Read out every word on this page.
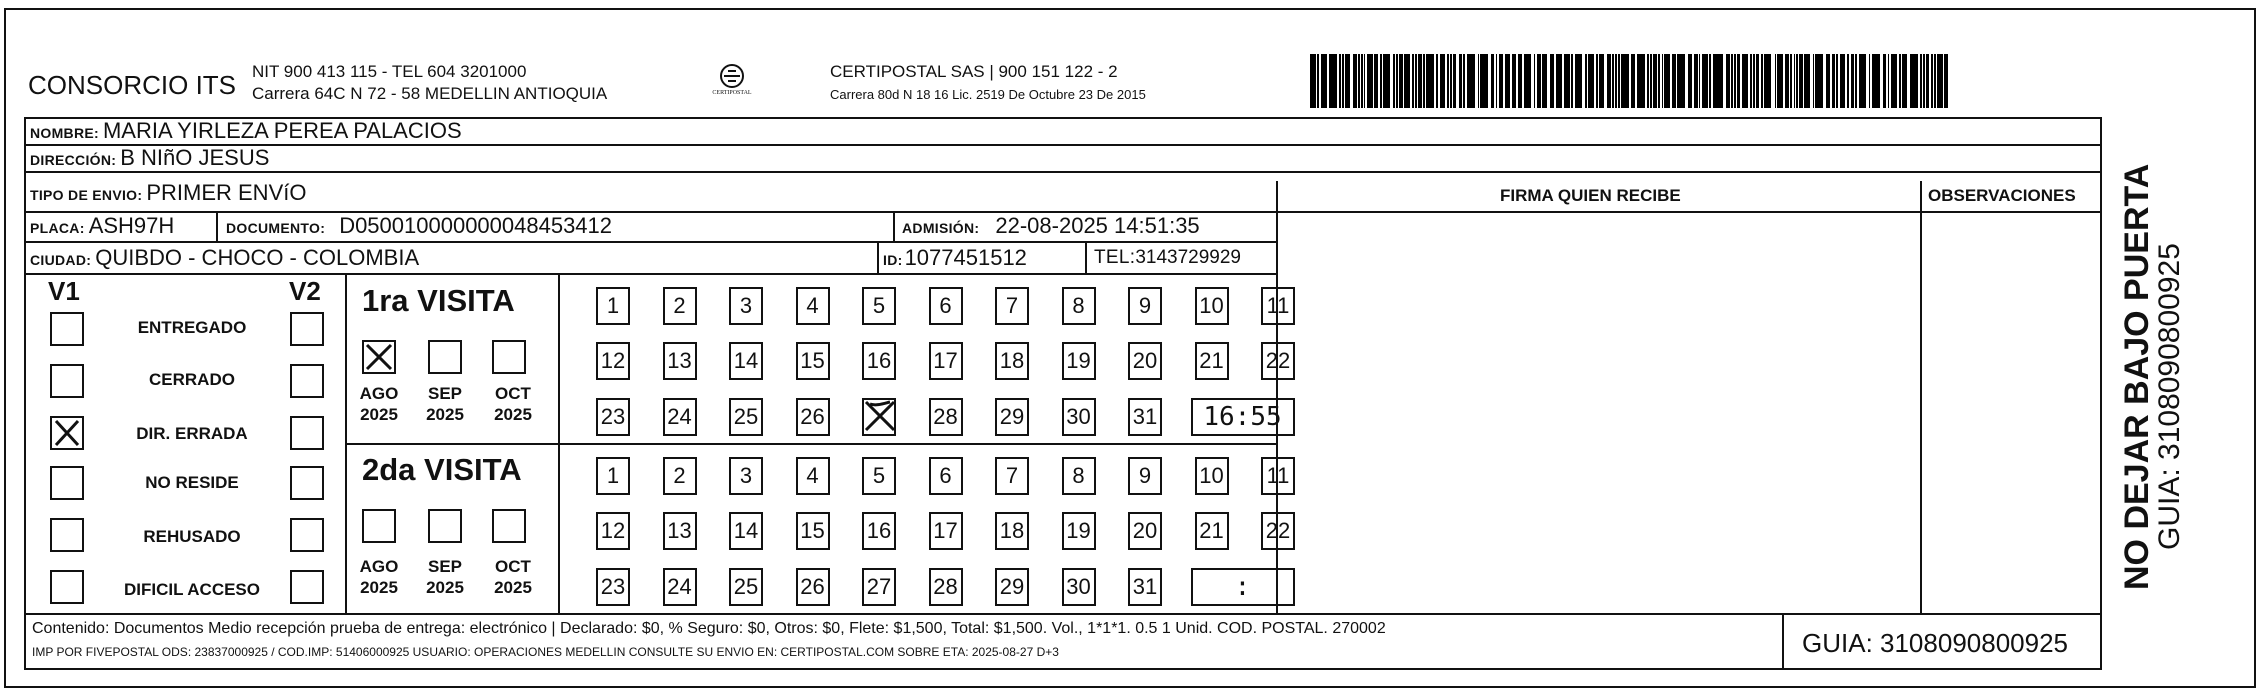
CONSORCIO ITS NIT 900 413 115 - TEL 604 3201000
Carrera 64C N 72 - 58 MEDELLIN ANTIOQUIA	CERTIPOSTAL
CERTIPOSTAL SAS | 900 151 122 - 2
Carrera 80d N 18 16 Lic. 2519 De Octubre 23 De 2015
NOMBRE: MARIA YIRLEZA PEREA PALACIOS
DIRECCIÓN: B NIñO JESUS
TIPO DE ENVIO: PRIMER ENVíO	FIRMA QUIEN RECIBE	OBSERVACIONES
PLACA: ASH97H	DOCUMENTO: D050010000000048453412	ADMISIÓN: 22-08-2025 14:51:35
CIUDAD: QUIBDO - CHOCO - COLOMBIA	ID: 1077451512	TEL: 3143729929
V1	V2
ENTREGADO
CERRADO
DIR. ERRADA
NO RESIDE
REHUSADO
DIFICIL ACCESO
1ra VISITA
AGO
2025
SEP
2025
OCT
2025
1 2 3 4 5 6 7 8 9 10 11
12 13 14 15 16 17 18 19 20 21 22
23 24 25 26	28 29 30 31 16:55
2da VISITA
AGO
2025
SEP
2025
OCT
2025
1 2 3 4 5 6 7 8 9 10 11
12 13 14 15 16 17 18 19 20 21 22
23 24 25 26 27 28 29 30 31	:
Contenido: Documentos Medio recepción prueba de entrega: electrónico | Declarado: $0, % Seguro: $0, Otros: $0, Flete: $1,500, Total: $1,500. Vol., 1*1*1. 0.5 1 Unid. COD. POSTAL. 270002
IMP POR FIVEPOSTAL ODS: 23837000925 / COD.IMP: 51406000925 USUARIO: OPERACIONES MEDELLIN CONSULTE SU ENVIO EN: CERTIPOSTAL.COM SOBRE ETA: 2025-08-27 D+3	GUIA: 3108090800925
NO DEJAR BAJO PUERTA
GUIA: 3108090800925
